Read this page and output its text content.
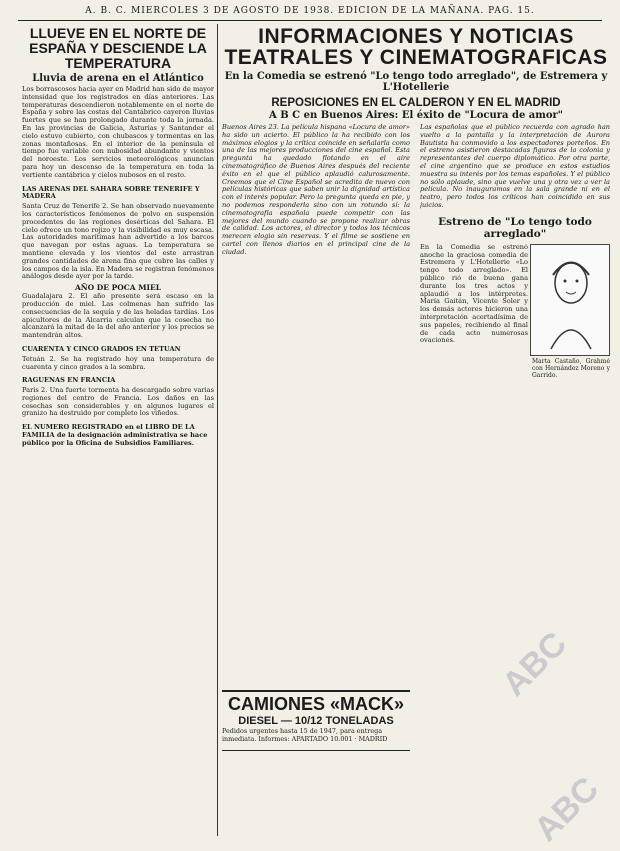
A. B. C. MIERCOLES 3 DE AGOSTO DE 1938. EDICION DE LA MAÑANA. PAG. 15.
LLUEVE EN EL NORTE DE ESPAÑA Y DESCIENDE LA TEMPERATURA
Lluvia de arena en el Atlántico

Los borrascosos hacia ayer en Madrid han sido de mayor intensidad que los registrados en días anteriores. Las temperaturas descendieron notablemente en el norte de España y sobre las costas del Cantábrico cayeron lluvias fuertes que se han prolongado durante toda la jornada. En las provincias de Galicia, Asturias y Santander el cielo estuvo cubierto, con chubascos y tormentas en las zonas montañosas. En el interior de la península el tiempo fue variable con nubosidad abundante y vientos del noroeste. Los servicios meteorológicos anuncian para hoy un descenso de la temperatura en toda la vertiente cantábrica y cielos nubosos en el resto.

LAS ARENAS DEL SAHARA SOBRE TENERIFE Y MADERA

Santa Cruz de Tenerife 2. Se han observado nuevamente los característicos fenómenos de polvo en suspensión procedentes de las regiones desérticas del Sahara. El cielo ofrece un tono rojizo y la visibilidad es muy escasa. Las autoridades marítimas han advertido a los barcos que navegan por estas aguas. La temperatura se mantiene elevada y los vientos del este arrastran grandes cantidades de arena fina que cubre las calles y los campos de la isla. En Madera se registran fenómenos análogos desde ayer por la tarde.

AÑO DE POCA MIEL

Guadalajara 2. El año presente será escaso en la producción de miel. Las colmenas han sufrido las consecuencias de la sequía y de las heladas tardías. Los apicultores de la Alcarria calculan que la cosecha no alcanzará la mitad de la del año anterior y los precios se mantendrán altos.

CUARENTA Y CINCO GRADOS EN TETUAN

Tetuán 2. Se ha registrado hoy una temperatura de cuarenta y cinco grados a la sombra.

RAGUENAS EN FRANCIA

París 2. Una fuerte tormenta ha descargado sobre varias regiones del centro de Francia. Los daños en las cosechas son considerables y en algunos lugares el granizo ha destruido por completo los viñedos.

EL NUMERO REGISTRADO en el LIBRO DE LA FAMILIA de la designación administrativa se hace público por la Oficina de Subsidios Familiares.
INFORMACIONES Y NOTICIAS TEATRALES Y CINEMATOGRAFICAS
En la Comedia se estrenó "Lo tengo todo arreglado", de Estremera y L'Hotellerie
REPOSICIONES EN EL CALDERON Y EN EL MADRID
A B C en Buenos Aires: El éxito de "Locura de amor"

Buenos Aires 23. La película hispana «Locura de amor» ha sido un acierto. El público la ha recibido con los máximos elogios y la crítica coincide en señalarla como una de las mejores producciones del cine español. Esta pregunta ha quedado flotando en el aire cinematográfico de Buenos Aires después del reciente éxito en el que el público aplaudió calurosamente. Creemos que el Cine Español se acredita de nuevo con películas históricas que saben unir la dignidad artística con el interés popular. Pero la pregunta queda en pie, y no podemos responderla sino con un rotundo sí: la cinematografía española puede competir con las mejores del mundo cuando se propone realizar obras de calidad. Los actores, el director y todos los técnicos merecen elogio sin reservas. Y el filme se sostiene en cartel con llenos diarios en el principal cine de la ciudad.

Las españolas que el público recuerda con agrado han vuelto a la pantalla y la interpretación de Aurora Bautista ha conmovido a los espectadores porteños. En el estreno asistieron destacadas figuras de la colonia y representantes del cuerpo diplomático. Por otra parte, el cine argentino que se produce en estos estudios muestra su interés por los temas españoles. Y el público no sólo aplaude, sino que vuelve una y otra vez a ver la película. No inauguramos en la sala grande ni en el teatro, pero todos los críticos han coincidido en sus juicios.

Estreno de "Lo tengo todo arreglado"

En la Comedia se estrenó anoche la graciosa comedia de Estremera y L'Hotellerie «Lo tengo todo arreglado». El público rió de buena gana durante los tres actos y aplaudió a los intérpretes. María Gaitán, Vicente Soler y los demás actores hicieron una interpretación acertadísima de sus papeles, recibiendo al final de cada acto numerosas ovaciones.

Marta Castaño, Grahmé con Hernández Moreno y Garrido.

CAMIONES «MACK»
DIESEL — 10/12 TONELADAS

Pedidos urgentes hasta 15 de 1947, para entrega inmediata. Informes: APARTADO 10.001 · MADRID

ABC
ABC
